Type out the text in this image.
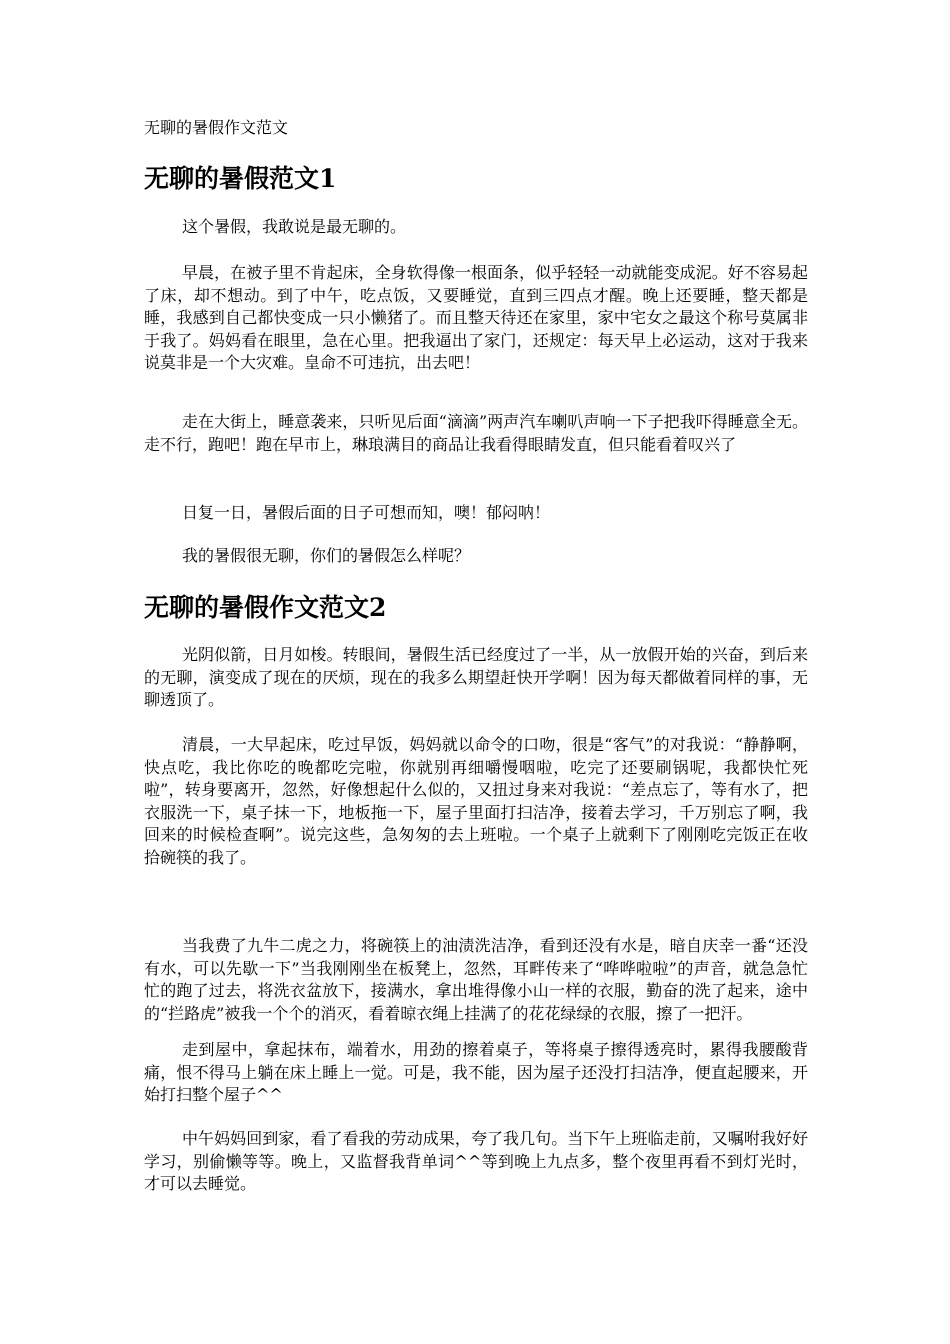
无聊的暑假作文范文
无聊的暑假范文1

这个暑假，我敢说是最无聊的。

早晨，在被子里不肯起床，全身软得像一根面条，似乎轻轻一动就能变成泥。好不容易起了床，却不想动。到了中午，吃点饭，又要睡觉，直到三四点才醒。晚上还要睡，整天都是睡，我感到自己都快变成一只小懒猪了。而且整天待还在家里，家中宅女之最这个称号莫属非于我了。妈妈看在眼里，急在心里。把我逼出了家门，还规定：每天早上必运动，这对于我来说莫非是一个大灾难。皇命不可违抗，出去吧！

走在大街上，睡意袭来，只听见后面“滴滴”两声汽车喇叭声响一下子把我吓得睡意全无。走不行，跑吧！跑在早市上，琳琅满目的商品让我看得眼睛发直，但只能看着叹兴了

日复一日，暑假后面的日子可想而知，噢！郁闷呐！

我的暑假很无聊，你们的暑假怎么样呢？

无聊的暑假作文范文2

光阴似箭，日月如梭。转眼间，暑假生活已经度过了一半，从一放假开始的兴奋，到后来的无聊，演变成了现在的厌烦，现在的我多么期望赶快开学啊！因为每天都做着同样的事，无聊透顶了。

清晨，一大早起床，吃过早饭，妈妈就以命令的口吻，很是“客气”的对我说：“静静啊，快点吃，我比你吃的晚都吃完啦，你就别再细嚼慢咽啦，吃完了还要刷锅呢，我都快忙死啦”，转身要离开，忽然，好像想起什么似的，又扭过身来对我说：“差点忘了，等有水了，把衣服洗一下，桌子抹一下，地板拖一下，屋子里面打扫洁净，接着去学习，千万别忘了啊，我回来的时候检查啊”。说完这些，急匆匆的去上班啦。一个桌子上就剩下了刚刚吃完饭正在收拾碗筷的我了。

当我费了九牛二虎之力，将碗筷上的油渍洗洁净，看到还没有水是，暗自庆幸一番“还没有水，可以先歇一下”当我刚刚坐在板凳上，忽然，耳畔传来了“哗哗啦啦”的声音，就急急忙忙的跑了过去，将洗衣盆放下，接满水，拿出堆得像小山一样的衣服，勤奋的洗了起来，途中的“拦路虎”被我一个个的消灭，看着晾衣绳上挂满了的花花绿绿的衣服，擦了一把汗。

走到屋中，拿起抹布，端着水，用劲的擦着桌子，等将桌子擦得透亮时，累得我腰酸背痛，恨不得马上躺在床上睡上一觉。可是，我不能，因为屋子还没打扫洁净，便直起腰来，开始打扫整个屋子^^

中午妈妈回到家，看了看我的劳动成果，夸了我几句。当下午上班临走前，又嘱咐我好好学习，别偷懒等等。晚上，又监督我背单词^^等到晚上九点多，整个夜里再看不到灯光时，才可以去睡觉。
